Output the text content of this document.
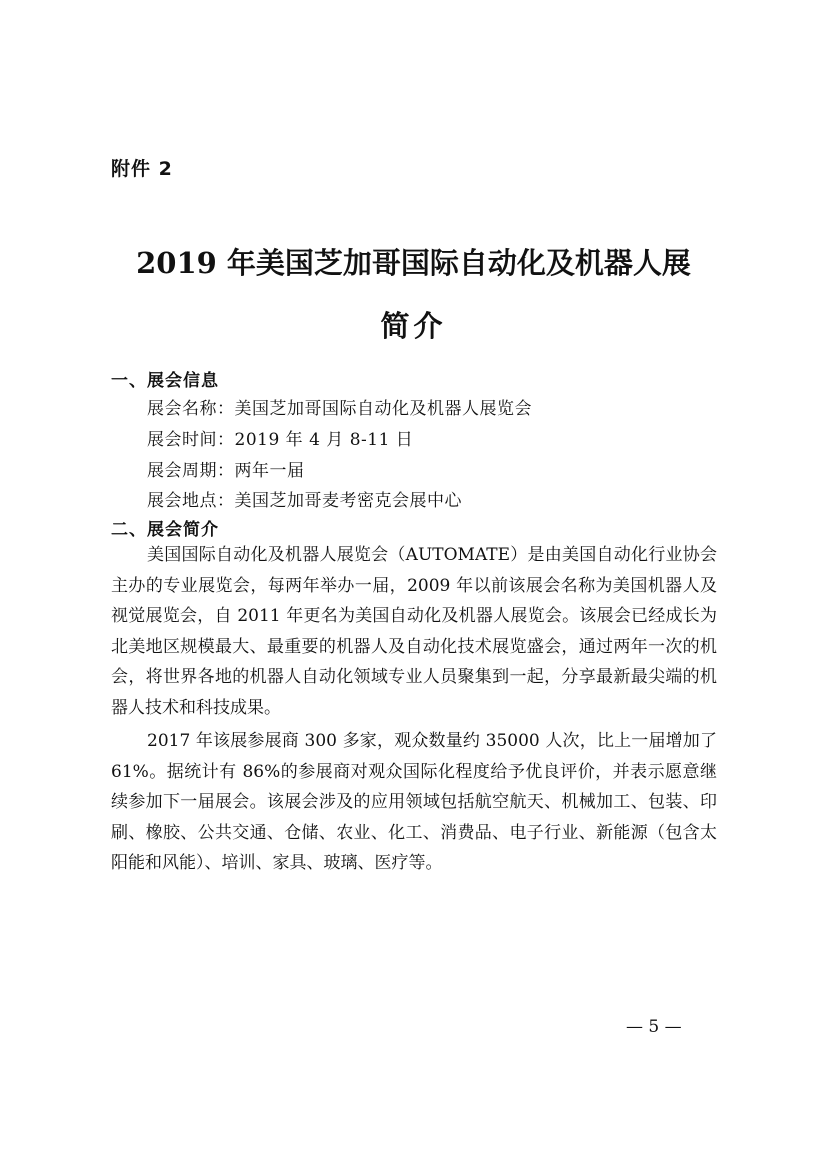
附件 2
2019 年美国芝加哥国际自动化及机器人展
简介
一、展会信息
展会名称：美国芝加哥国际自动化及机器人展览会
展会时间：2019 年 4 月 8-11 日
展会周期：两年一届
展会地点：美国芝加哥麦考密克会展中心
二、展会简介

美国国际自动化及机器人展览会（AUTOMATE）是由美国自动化行业协会主办的专业展览会，每两年举办一届，2009 年以前该展会名称为美国机器人及视觉展览会，自 2011 年更名为美国自动化及机器人展览会。该展会已经成长为北美地区规模最大、最重要的机器人及自动化技术展览盛会，通过两年一次的机会，将世界各地的机器人自动化领域专业人员聚集到一起，分享最新最尖端的机器人技术和科技成果。

2017 年该展参展商 300 多家，观众数量约 35000 人次，比上一届增加了 61%。据统计有 86%的参展商对观众国际化程度给予优良评价，并表示愿意继续参加下一届展会。该展会涉及的应用领域包括航空航天、机械加工、包装、印刷、橡胶、公共交通、仓储、农业、化工、消费品、电子行业、新能源（包含太阳能和风能）、培训、家具、玻璃、医疗等。

— 5 —
